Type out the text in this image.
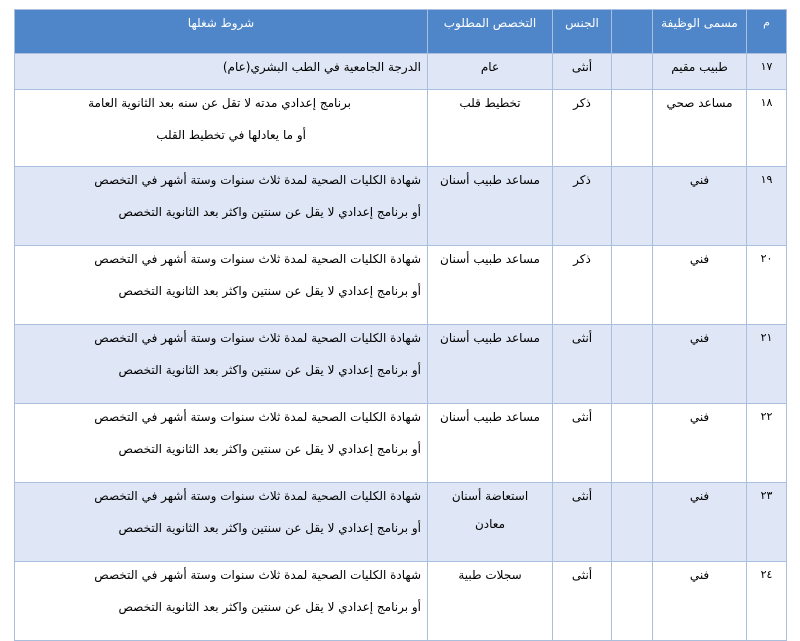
م	مسمى الوظيفة		الجنس	التخصص المطلوب	شروط شغلها
١٧	طبيب مقيم		أنثى	عام	الدرجة الجامعية في الطب البشري(عام)

١٨	مساعد صحي		ذكر	تخطيط قلب	برنامج إعدادي مدته لا تقل عن سنه بعد الثانوية العامة
أو ما يعادلها في تخطيط القلب

١٩	فني		ذكر	مساعد طبيب أسنان	شهادة الكليات الصحية لمدة ثلاث سنوات وستة أشهر في التخصص
أو برنامج إعدادي لا يقل عن سنتين واكثر بعد الثانوية التخصص

٢٠	فني		ذكر	مساعد طبيب أسنان	شهادة الكليات الصحية لمدة ثلاث سنوات وستة أشهر في التخصص
أو برنامج إعدادي لا يقل عن سنتين واكثر بعد الثانوية التخصص

٢١	فني		أنثى	مساعد طبيب أسنان	شهادة الكليات الصحية لمدة ثلاث سنوات وستة أشهر في التخصص
أو برنامج إعدادي لا يقل عن سنتين واكثر بعد الثانوية التخصص

٢٢	فني		أنثى	مساعد طبيب أسنان	شهادة الكليات الصحية لمدة ثلاث سنوات وستة أشهر في التخصص
أو برنامج إعدادي لا يقل عن سنتين واكثر بعد الثانوية التخصص

٢٣	فني		أنثى	استعاضة أسنان
معادن	شهادة الكليات الصحية لمدة ثلاث سنوات وستة أشهر في التخصص
أو برنامج إعدادي لا يقل عن سنتين واكثر بعد الثانوية التخصص

٢٤	فني		أنثى	سجلات طبية	شهادة الكليات الصحية لمدة ثلاث سنوات وستة أشهر في التخصص
أو برنامج إعدادي لا يقل عن سنتين واكثر بعد الثانوية التخصص
